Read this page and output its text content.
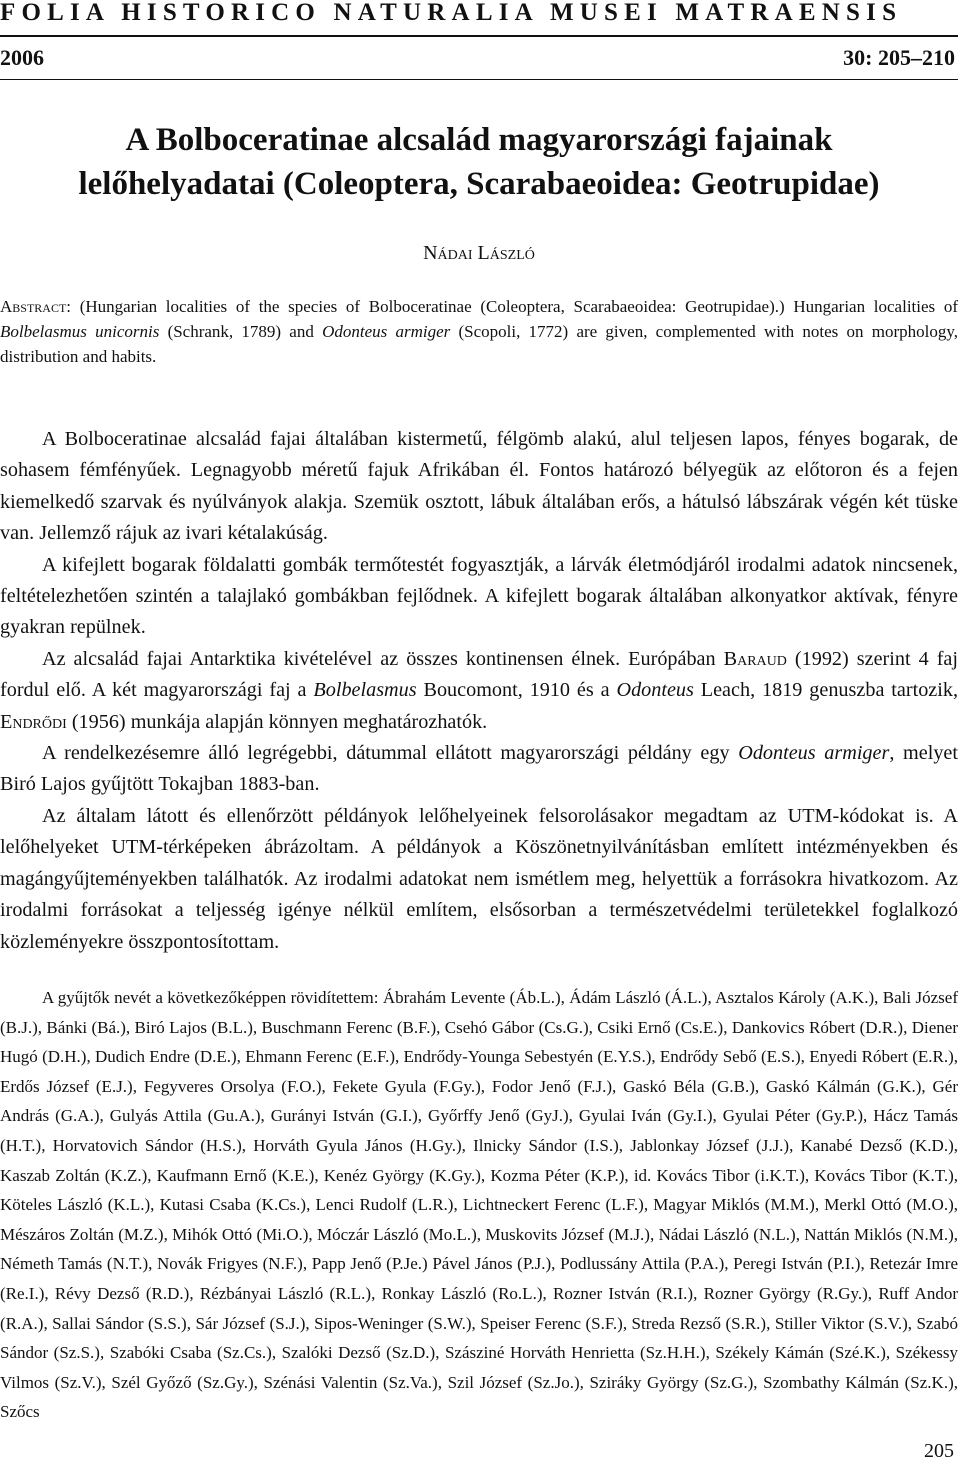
FOLIA HISTORICO NATURALIA MUSEI MATRAENSIS
2006	30: 205–210
A Bolboceratinae alcsalád magyarországi fajainak
lelőhelyadatai (Coleoptera, Scarabaeoidea: Geotrupidae)
Nádai László
Abstract: (Hungarian localities of the species of Bolboceratinae (Coleoptera, Scarabaeoidea: Geotrupidae).) Hungarian localities of Bolbelasmus unicornis (Schrank, 1789) and Odonteus armiger (Scopoli, 1772) are given, complemented with notes on morphology, distribution and habits.

A Bolboceratinae alcsalád fajai általában kistermetű, félgömb alakú, alul teljesen lapos, fényes bogarak, de sohasem fémfényűek. Legnagyobb méretű fajuk Afrikában él. Fontos határozó bélyegük az előtoron és a fejen kiemelkedő szarvak és nyúlványok alakja. Szemük osztott, lábuk általában erős, a hátulsó lábszárak végén két tüske van. Jellemző rájuk az ivari kétalakúság.

A kifejlett bogarak földalatti gombák termőtestét fogyasztják, a lárvák életmódjáról irodalmi adatok nincsenek, feltételezhetően szintén a talajlakó gombákban fejlődnek. A kifejlett bogarak általában alkonyatkor aktívak, fényre gyakran repülnek.

Az alcsalád fajai Antarktika kivételével az összes kontinensen élnek. Európában Baraud (1992) szerint 4 faj fordul elő. A két magyarországi faj a Bolbelasmus Boucomont, 1910 és a Odonteus Leach, 1819 genuszba tartozik, Endrődi (1956) munkája alapján könnyen meghatározhatók.

A rendelkezésemre álló legrégebbi, dátummal ellátott magyarországi példány egy Odonteus armiger, melyet Biró Lajos gyűjtött Tokajban 1883-ban.

Az általam látott és ellenőrzött példányok lelőhelyeinek felsorolásakor megadtam az UTM-kódokat is. A lelőhelyeket UTM-térképeken ábrázoltam. A példányok a Köszönetnyilvánításban említett intézményekben és magángyűjteményekben találhatók. Az irodalmi adatokat nem ismétlem meg, helyettük a forrásokra hivatkozom. Az irodalmi forrásokat a teljesség igénye nélkül említem, elsősorban a természetvédelmi területekkel foglalkozó közleményekre összpontosítottam.

A gyűjtők nevét a következőképpen rövidítettem: Ábrahám Levente (Áb.L.), Ádám László (Á.L.), Asztalos Károly (A.K.), Bali József (B.J.), Bánki (Bá.), Biró Lajos (B.L.), Buschmann Ferenc (B.F.), Csehó Gábor (Cs.G.), Csiki Ernő (Cs.E.), Dankovics Róbert (D.R.), Diener Hugó (D.H.), Dudich Endre (D.E.), Ehmann Ferenc (E.F.), Endrődy-Younga Sebestyén (E.Y.S.), Endrődy Sebő (E.S.), Enyedi Róbert (E.R.), Erdős József (E.J.), Fegyveres Orsolya (F.O.), Fekete Gyula (F.Gy.), Fodor Jenő (F.J.), Gaskó Béla (G.B.), Gaskó Kálmán (G.K.), Gér András (G.A.), Gulyás Attila (Gu.A.), Gurányi István (G.I.), Győrffy Jenő (GyJ.), Gyulai Iván (Gy.I.), Gyulai Péter (Gy.P.), Hácz Tamás (H.T.), Horvatovich Sándor (H.S.), Horváth Gyula János (H.Gy.), Ilnicky Sándor (I.S.), Jablonkay József (J.J.), Kanabé Dezső (K.D.), Kaszab Zoltán (K.Z.), Kaufmann Ernő (K.E.), Kenéz György (K.Gy.), Kozma Péter (K.P.), id. Kovács Tibor (i.K.T.), Kovács Tibor (K.T.), Köteles László (K.L.), Kutasi Csaba (K.Cs.), Lenci Rudolf (L.R.), Lichtneckert Ferenc (L.F.), Magyar Miklós (M.M.), Merkl Ottó (M.O.), Mészáros Zoltán (M.Z.), Mihók Ottó (Mi.O.), Móczár László (Mo.L.), Muskovits József (M.J.), Nádai László (N.L.), Nattán Miklós (N.M.), Németh Tamás (N.T.), Novák Frigyes (N.F.), Papp Jenő (P.Je.) Pável János (P.J.), Podlussány Attila (P.A.), Peregi István (P.I.), Retezár Imre (Re.I.), Révy Dezső (R.D.), Rézbányai László (R.L.), Ronkay László (Ro.L.), Rozner István (R.I.), Rozner György (R.Gy.), Ruff Andor (R.A.), Sallai Sándor (S.S.), Sár József (S.J.), Sipos-Weninger (S.W.), Speiser Ferenc (S.F.), Streda Rezső (S.R.), Stiller Viktor (S.V.), Szabó Sándor (Sz.S.), Szabóki Csaba (Sz.Cs.), Szalóki Dezső (Sz.D.), Szásziné Horváth Henrietta (Sz.H.H.), Székely Kámán (Szé.K.), Székessy Vilmos (Sz.V.), Szél Győző (Sz.Gy.), Szénási Valentin (Sz.Va.), Szil József (Sz.Jo.), Sziráky György (Sz.G.), Szombathy Kálmán (Sz.K.), Szőcs

205
